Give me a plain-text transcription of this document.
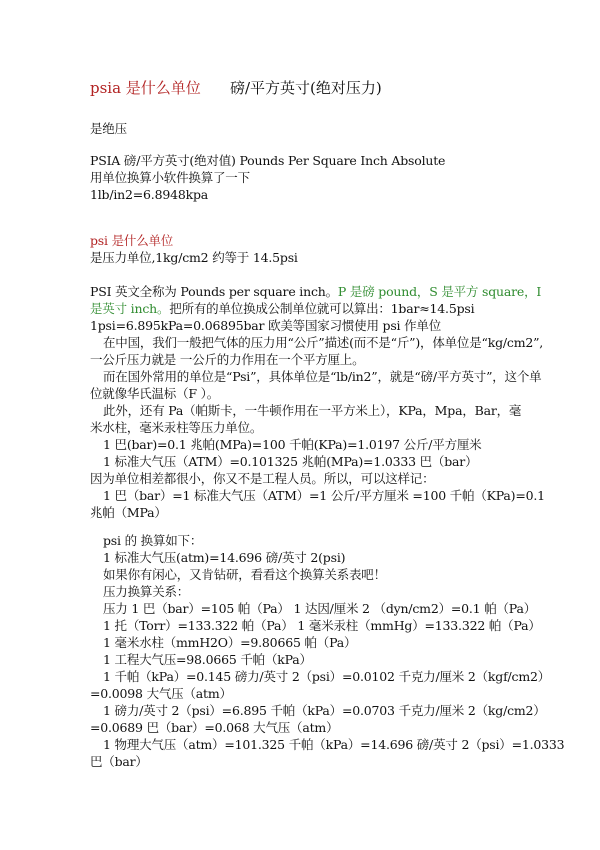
psia 是什么单位 磅/平方英寸(绝对压力)
是绝压
PSIA 磅/平方英寸(绝对值) Pounds Per Square Inch Absolute
用单位换算小软件换算了一下
1lb/in2=6.8948kpa
psi 是什么单位
是压力单位,1kg/cm2 约等于 14.5psi
PSI 英文全称为 Pounds per square inch。P 是磅 pound，S 是平方 square，I
是英寸 inch。把所有的单位换成公制单位就可以算出：1bar≈14.5psi
1psi=6.895kPa=0.06895bar 欧美等国家习惯使用 psi 作单位
在中国，我们一般把气体的压力用“公斤”描述(而不是“斤”)，体单位是“kg/cm2”,
一公斤压力就是 一公斤的力作用在一个平方厘上。
而在国外常用的单位是“Psi”，具体单位是“lb/in2”，就是“磅/平方英寸”，这个单
位就像华氏温标（F ）。
此外，还有 Pa（帕斯卡，一牛顿作用在一平方米上），KPa，Mpa，Bar，毫
米水柱，毫米汞柱等压力单位。
1 巴(bar)=0.1 兆帕(MPa)=100 千帕(KPa)=1.0197 公斤/平方厘米
1 标准大气压（ATM）=0.101325 兆帕(MPa)=1.0333 巴（bar）
因为单位相差都很小，你又不是工程人员。所以，可以这样记：
1 巴（bar）=1 标准大气压（ATM）=1 公斤/平方厘米 =100 千帕（KPa)=0.1
兆帕（MPa）
psi 的 换算如下：
1 标准大气压(atm)=14.696 磅/英寸 2(psi)
如果你有闲心，又肯钻研，看看这个换算关系表吧！
压力换算关系：
压力 1 巴（bar）=105 帕（Pa） 1 达因/厘米 2 （dyn/cm2）=0.1 帕（Pa）
1 托（Torr）=133.322 帕（Pa） 1 毫米汞柱（mmHg）=133.322 帕（Pa）
1 毫米水柱（mmH2O）=9.80665 帕（Pa）
1 工程大气压=98.0665 千帕（kPa）
1 千帕（kPa）=0.145 磅力/英寸 2（psi）=0.0102 千克力/厘米 2（kgf/cm2）
=0.0098 大气压（atm）
1 磅力/英寸 2（psi）=6.895 千帕（kPa）=0.0703 千克力/厘米 2（kg/cm2）
=0.0689 巴（bar）=0.068 大气压（atm）
1 物理大气压（atm）=101.325 千帕（kPa）=14.696 磅/英寸 2（psi）=1.0333
巴（bar）
